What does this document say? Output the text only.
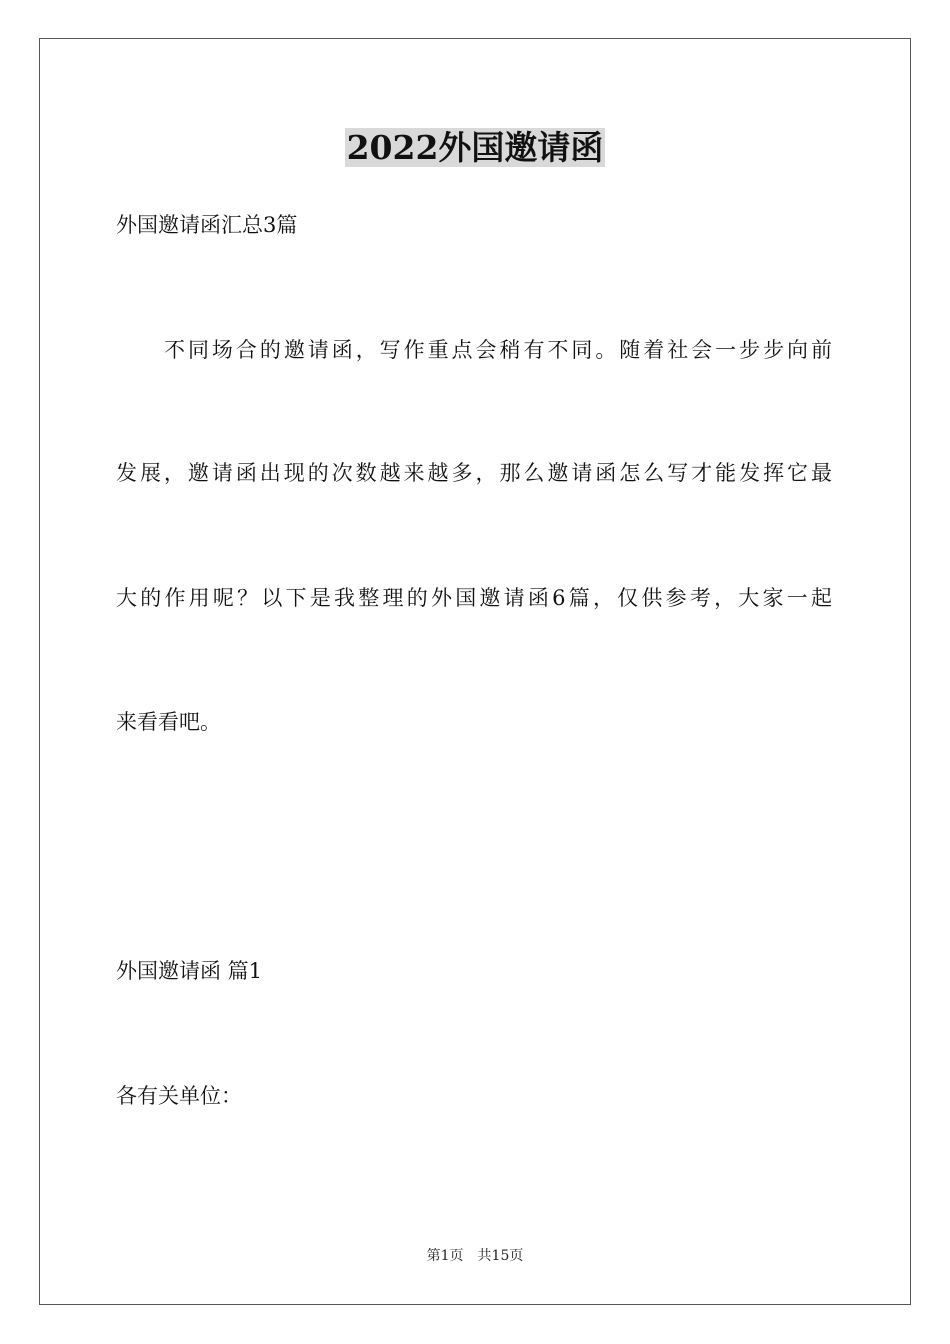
2022外国邀请函
外国邀请函汇总3篇
不同场合的邀请函，写作重点会稍有不同。随着社会一步步向前
发展，邀请函出现的次数越来越多，那么邀请函怎么写才能发挥它最
大的作用呢？以下是我整理的外国邀请函6篇，仅供参考，大家一起
来看看吧。
外国邀请函 篇1
各有关单位：
第1页 共15页
